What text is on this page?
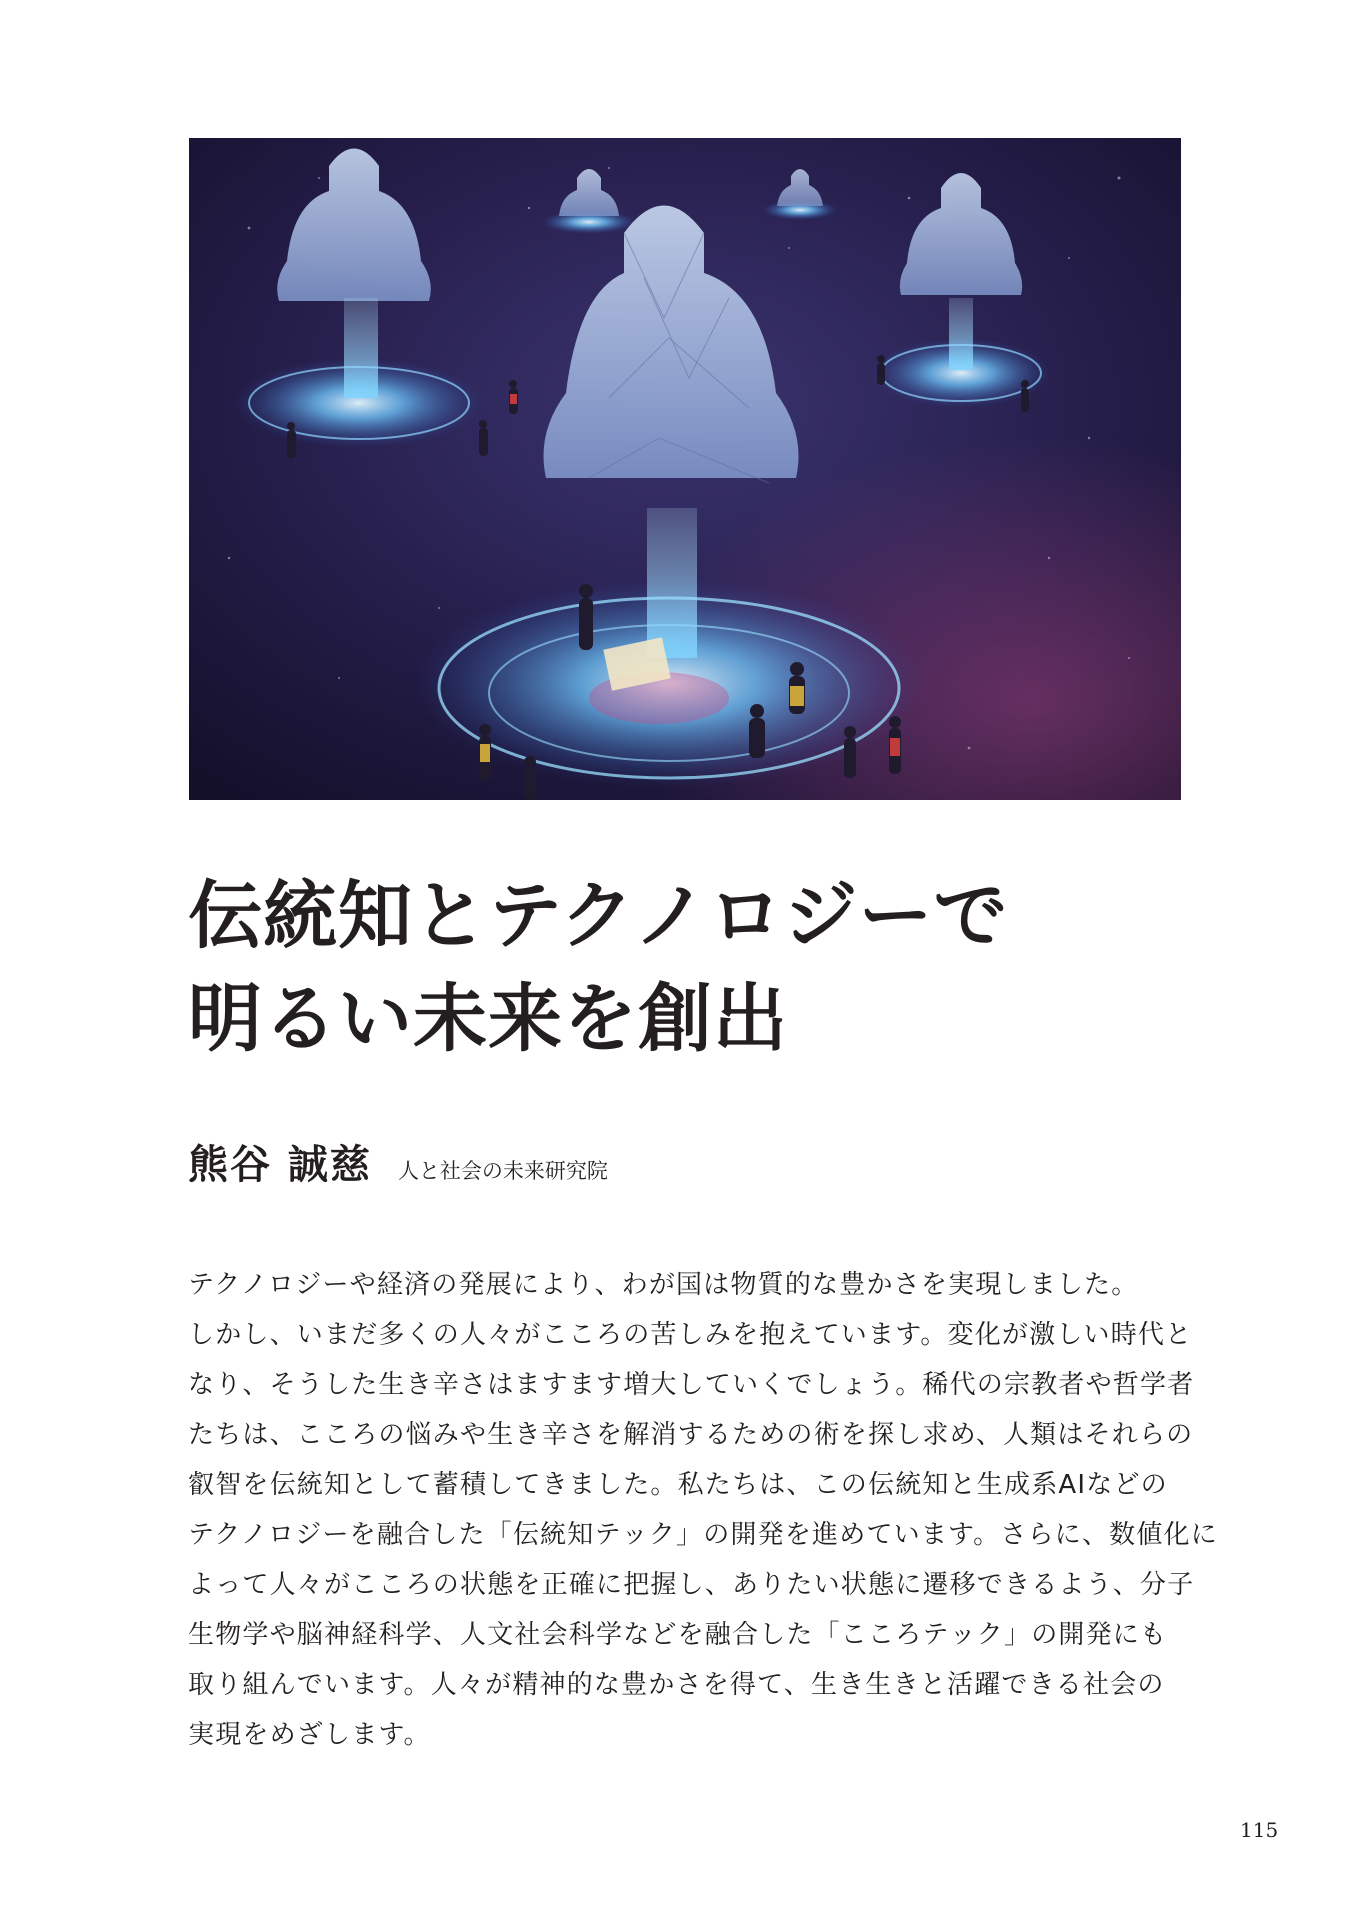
伝統知とテクノロジーで
明るい未来を創出
熊谷 誠慈 人と社会の未来研究院
テクノロジーや経済の発展により、わが国は物質的な豊かさを実現しました。
しかし、いまだ多くの人々がこころの苦しみを抱えています。変化が激しい時代と
なり、そうした生き辛さはますます増大していくでしょう。稀代の宗教者や哲学者
たちは、こころの悩みや生き辛さを解消するための術を探し求め、人類はそれらの
叡智を伝統知として蓄積してきました。私たちは、この伝統知と生成系AIなどの
テクノロジーを融合した「伝統知テック」の開発を進めています。さらに、数値化に
よって人々がこころの状態を正確に把握し、ありたい状態に遷移できるよう、分子
生物学や脳神経科学、人文社会科学などを融合した「こころテック」の開発にも
取り組んでいます。人々が精神的な豊かさを得て、生き生きと活躍できる社会の
実現をめざします。
115
